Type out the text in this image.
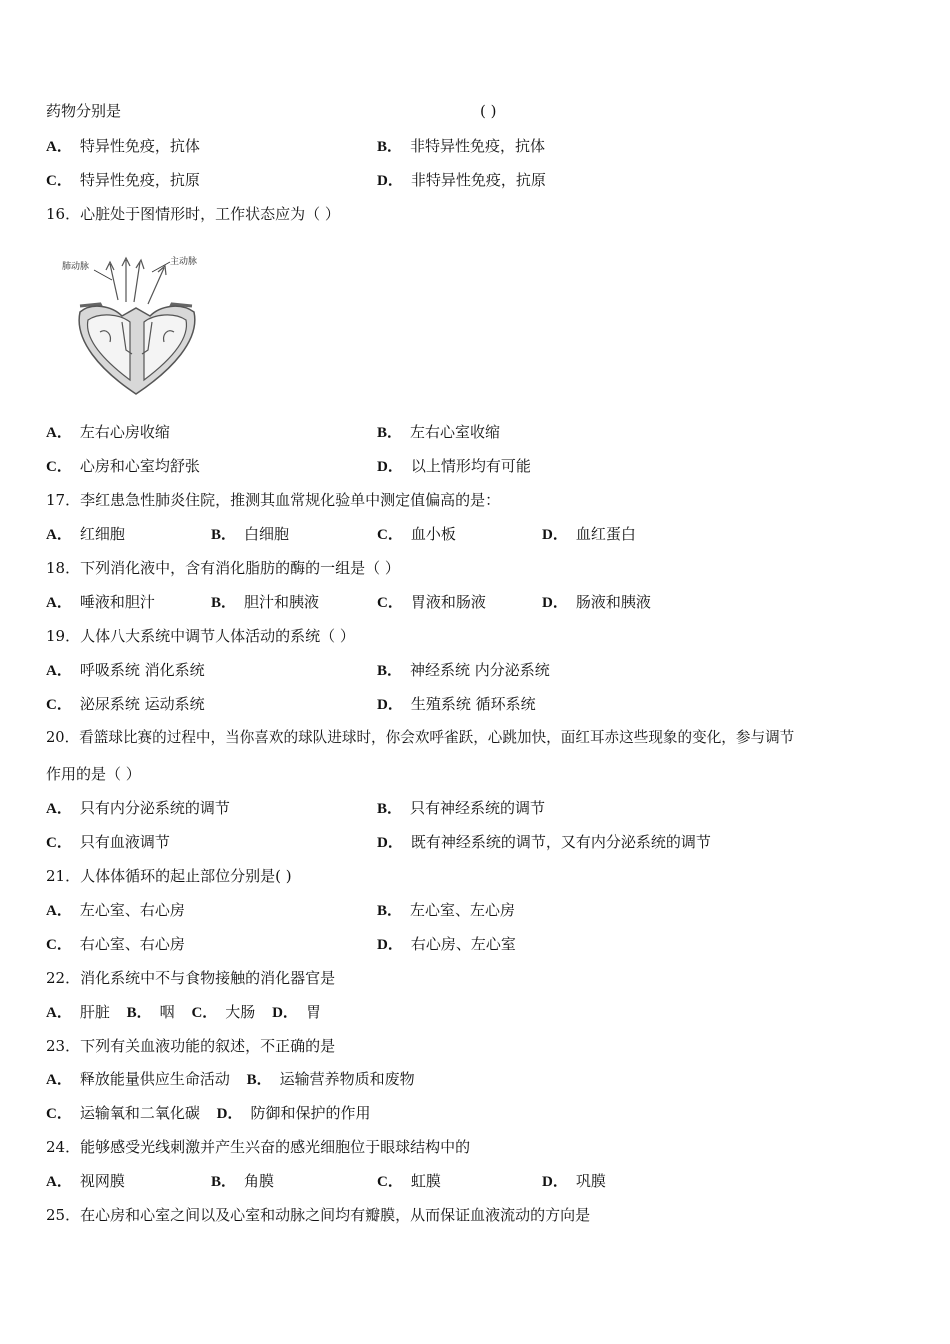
药物分别是	( )
A． 特异性免疫，抗体	B． 非特异性免疫，抗体
C． 特异性免疫，抗原	D． 非特异性免疫，抗原
16．心脏处于图情形时，工作状态应为（ ）
肺动脉	主动脉
A． 左右心房收缩	B． 左右心室收缩
C． 心房和心室均舒张	D． 以上情形均有可能
17．李红患急性肺炎住院，推测其血常规化验单中测定值偏高的是：
A． 红细胞	B． 白细胞	C． 血小板	D． 血红蛋白
18．下列消化液中，含有消化脂肪的酶的一组是（ ）
A． 唾液和胆汁	B． 胆汁和胰液	C． 胃液和肠液	D． 肠液和胰液
19．人体八大系统中调节人体活动的系统（ ）
A． 呼吸系统 消化系统	B． 神经系统 内分泌系统
C． 泌尿系统 运动系统	D． 生殖系统 循环系统
20．看篮球比赛的过程中，当你喜欢的球队进球时，你会欢呼雀跃，心跳加快，面红耳赤这些现象的变化，参与调节
作用的是（ ）
A． 只有内分泌系统的调节	B． 只有神经系统的调节
C． 只有血液调节	D． 既有神经系统的调节，又有内分泌系统的调节
21．人体体循环的起止部位分别是( )
A． 左心室、右心房	B． 左心室、左心房
C． 右心室、右心房	D． 右心房、左心室
22．消化系统中不与食物接触的消化器官是
A． 肝脏 B． 咽 C． 大肠 D． 胃
23．下列有关血液功能的叙述，不正确的是
A． 释放能量供应生命活动 B． 运输营养物质和废物
C． 运输氧和二氧化碳 D． 防御和保护的作用
24．能够感受光线刺激并产生兴奋的感光细胞位于眼球结构中的
A． 视网膜	B． 角膜	C． 虹膜	D． 巩膜
25．在心房和心室之间以及心室和动脉之间均有瓣膜，从而保证血液流动的方向是
